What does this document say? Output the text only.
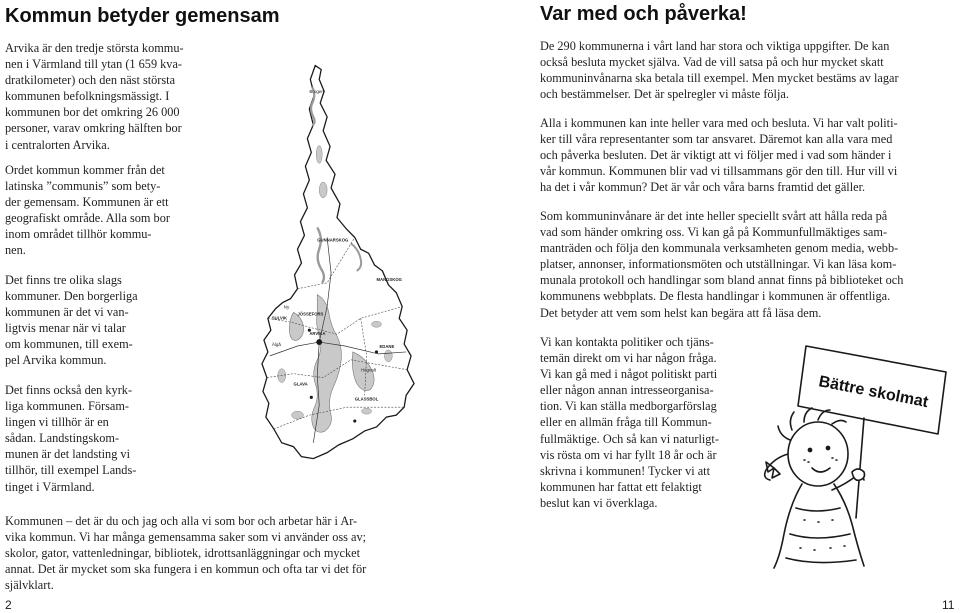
Kommun betyder gemensam
Arvika är den tredje största kommu-
nen i Värmland till ytan (1 659 kva-
dratkilometer) och den näst största
kommunen befolkningsmässigt. I
kommunen bor det omkring 26 000
personer, varav omkring hälften bor
i centralorten Arvika.
Ordet kommun kommer från det
latinska ”communis” som bety-
der gemensam. Kommunen är ett
geografiskt område. Alla som bor
inom området tillhör kommu-
nen.
Det finns tre olika slags
kommuner. Den borgerliga
kommunen är det vi van-
ligtvis menar när vi talar
om kommunen, till exem-
pel Arvika kommun.
Det finns också den kyrk-
liga kommunen. Försam-
lingen vi tillhör är en
sådan. Landstingskom-
munen är det landsting vi
tillhör, till exempel Lands-
tinget i Värmland.
Brogen
GUNNARSKOG
MANGSKOG
Ny
SULVIK
JÖSSEFORS
ARVIKA
Älgå	EDANE
GLAVA
Högvalt
GLASSBOL
Kommunen – det är du och jag och alla vi som bor och arbetar här i Ar-
vika kommun. Vi har många gemensamma saker som vi använder oss av;
skolor, gator, vattenledningar, bibliotek, idrottsanläggningar och mycket
annat. Det är mycket som ska fungera i en kommun och ofta tar vi det för
självklart.
2
Var med och påverka!
De 290 kommunerna i vårt land har stora och viktiga uppgifter. De kan
också besluta mycket själva. Vad de vill satsa på och hur mycket skatt
kommuninvånarna ska betala till exempel. Men mycket bestäms av lagar
och bestämmelser. Det är spelregler vi måste följa.
Alla i kommunen kan inte heller vara med och besluta. Vi har valt politi-
ker till våra representanter som tar ansvaret. Däremot kan alla vara med
och påverka besluten. Det är viktigt att vi följer med i vad som händer i
vår kommun. Kommunen blir vad vi tillsammans gör den till. Hur vill vi
ha det i vår kommun? Det är vår och våra barns framtid det gäller.
Som kommuninvånare är det inte heller speciellt svårt att hålla reda på
vad som händer omkring oss. Vi kan gå på Kommunfullmäktiges sam-
manträden och följa den kommunala verksamheten genom media, webb-
platser, annonser, informationsmöten och utställningar. Vi kan läsa kom-
munala protokoll och handlingar som bland annat finns på biblioteket och
kommunens webbplats. De flesta handlingar i kommunen är offentliga.
Det betyder att vem som helst kan begära att få läsa dem.
Vi kan kontakta politiker och tjäns-
temän direkt om vi har någon fråga.
Vi kan gå med i något politiskt parti
eller någon annan intresseorganisa-
tion. Vi kan ställa medborgarförslag
eller en allmän fråga till Kommun-
fullmäktige. Och så kan vi naturligt-
vis rösta om vi har fyllt 18 år och är
skrivna i kommunen! Tycker vi att
kommunen har fattat ett felaktigt
beslut kan vi överklaga.
11
Bättre skolmat
